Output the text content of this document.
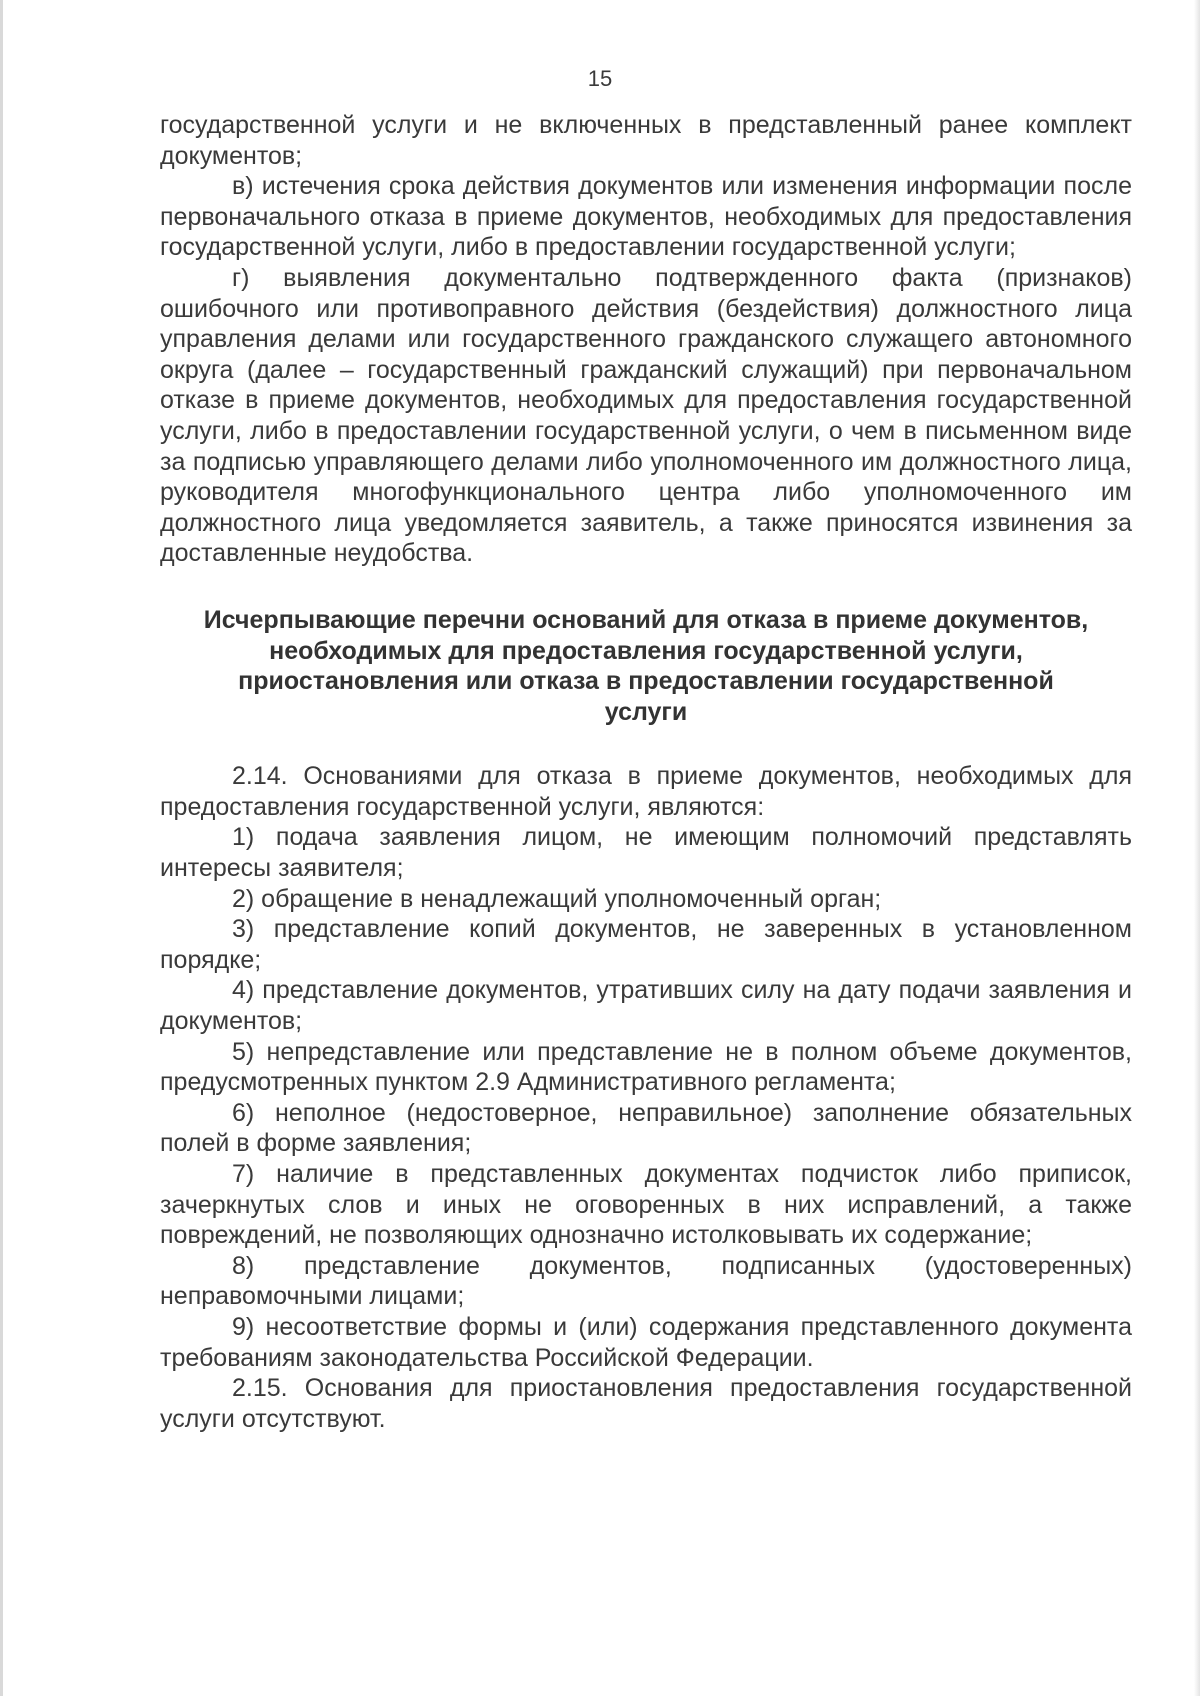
15

государственной услуги и не включенных в представленный ранее комплект документов;

в) истечения срока действия документов или изменения информации после первоначального отказа в приеме документов, необходимых для предоставления государственной услуги, либо в предоставлении государственной услуги;

г) выявления документально подтвержденного факта (признаков) ошибочного или противоправного действия (бездействия) должностного лица управления делами или государственного гражданского служащего автономного округа (далее – государственный гражданский служащий) при первоначальном отказе в приеме документов, необходимых для предоставления государственной услуги, либо в предоставлении государственной услуги, о чем в письменном виде за подписью управляющего делами либо уполномоченного им должностного лица, руководителя многофункционального центра либо уполномоченного им должностного лица уведомляется заявитель, а также приносятся извинения за доставленные неудобства.

Исчерпывающие перечни оснований для отказа в приеме документов, необходимых для предоставления государственной услуги, приостановления или отказа в предоставлении государственной услуги

2.14. Основаниями для отказа в приеме документов, необходимых для предоставления государственной услуги, являются:

1) подача заявления лицом, не имеющим полномочий представлять интересы заявителя;

2) обращение в ненадлежащий уполномоченный орган;

3) представление копий документов, не заверенных в установленном порядке;

4) представление документов, утративших силу на дату подачи заявления и документов;

5) непредставление или представление не в полном объеме документов, предусмотренных пунктом 2.9 Административного регламента;

6) неполное (недостоверное, неправильное) заполнение обязательных полей в форме заявления;

7) наличие в представленных документах подчисток либо приписок, зачеркнутых слов и иных не оговоренных в них исправлений, а также повреждений, не позволяющих однозначно истолковывать их содержание;

8) представление документов, подписанных (удостоверенных) неправомочными лицами;

9) несоответствие формы и (или) содержания представленного документа требованиям законодательства Российской Федерации.

2.15. Основания для приостановления предоставления государственной услуги отсутствуют.
